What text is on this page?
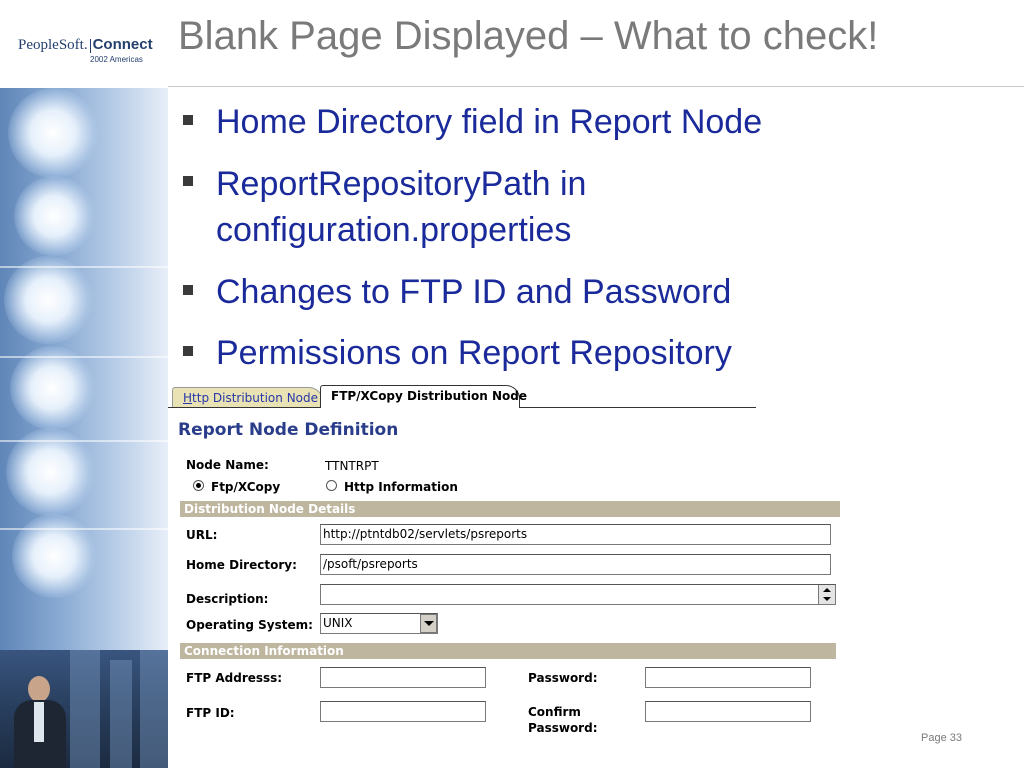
PeopleSoft. Connect
2002 Americas
Blank Page Displayed – What to check!
Home Directory field in Report Node
ReportRepositoryPath in
configuration.properties
Changes to FTP ID and Password
Permissions on Report Repository
Http Distribution Node	FTP/XCopy Distribution Node
Report Node Definition
Node Name:	TTNTRPT
Ftp/XCopy	Http Information
Distribution Node Details
URL:	http://ptntdb02/servlets/psreports
Home Directory: /psoft/psreports
Description:
Operating System: UNIX
Connection Information
FTP Addresss:	Password:
FTP ID:	Confirm
Password:
Page 33
